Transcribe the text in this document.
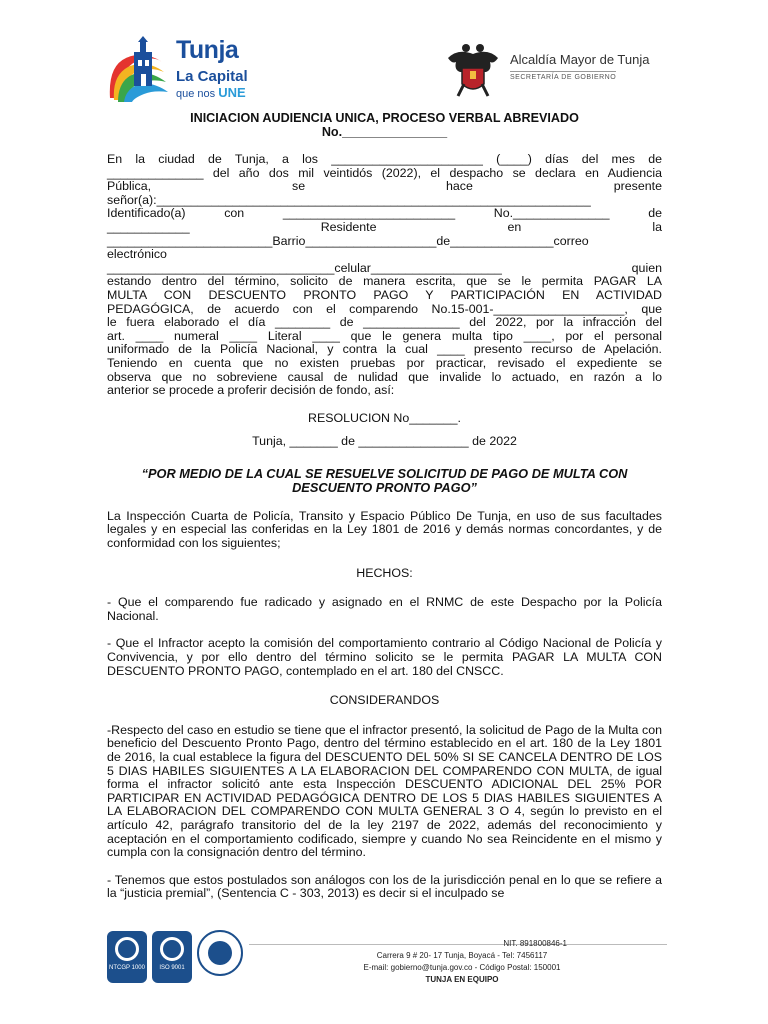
Tunja
La Capital
que nos UNE
Alcaldía Mayor de Tunja
SECRETARÍA DE GOBIERNO
INICIACION AUDIENCIA UNICA, PROCESO VERBAL ABREVIADO
No._______________

En la ciudad de Tunja, a los ______________________ (____) días del mes de

______________ del año dos mil veintidós (2022), el despacho se declara en Audiencia

Pública, se hace presente

señor(a):_______________________________________________________________

Identificado(a) con _________________________ No.______________ de

____________ Residente en la

________________________Barrio___________________de_______________correo

electrónico

_________________________________celular___________________ quien

estando dentro del término, solicito de manera escrita, que se le permita PAGAR LA

MULTA CON DESCUENTO PRONTO PAGO Y PARTICIPACIÓN EN ACTIVIDAD

PEDAGÓGICA, de acuerdo con el comparendo No.15-001-___________________, que

le fuera elaborado el día ________ de ______________ del 2022, por la infracción del

art. ____ numeral ____ Literal ____ que le genera multa tipo ____, por el personal

uniformado de la Policía Nacional, y contra la cual ____ presento recurso de Apelación.

Teniendo en cuenta que no existen pruebas por practicar, revisado el expediente se

observa que no sobreviene causal de nulidad que invalide lo actuado, en razón a lo

anterior se procede a proferir decisión de fondo, así:

RESOLUCION No_______.

Tunja, _______ de ________________ de 2022

“POR MEDIO DE LA CUAL SE RESUELVE SOLICITUD DE PAGO DE MULTA CON DESCUENTO PRONTO PAGO”

La Inspección Cuarta de Policía, Transito y Espacio Público De Tunja, en uso de sus facultades legales y en especial las conferidas en la Ley 1801 de 2016 y demás normas concordantes, y de conformidad con los siguientes;

HECHOS:

- Que el comparendo fue radicado y asignado en el RNMC de este Despacho por la Policía Nacional.

- Que el Infractor acepto la comisión del comportamiento contrario al Código Nacional de Policía y Convivencia, y por ello dentro del término solicito se le permita PAGAR LA MULTA CON DESCUENTO PRONTO PAGO, contemplado en el art. 180 del CNSCC.

CONSIDERANDOS

-Respecto del caso en estudio se tiene que el infractor presentó, la solicitud de Pago de la Multa con beneficio del Descuento Pronto Pago, dentro del término establecido en el art. 180 de la Ley 1801 de 2016, la cual establece la figura del DESCUENTO DEL 50% SI SE CANCELA DENTRO DE LOS 5 DIAS HABILES SIGUIENTES A LA ELABORACION DEL COMPARENDO CON MULTA, de igual forma el infractor solicitó ante esta Inspección DESCUENTO ADICIONAL DEL 25% POR PARTICIPAR EN ACTIVIDAD PEDAGÓGICA DENTRO DE LOS 5 DIAS HABILES SIGUIENTES A LA ELABORACION DEL COMPARENDO CON MULTA GENERAL 3 O 4, según lo previsto en el artículo 42, parágrafo transitorio del de la ley 2197 de 2022, además del reconocimiento y aceptación en el comportamiento codificado, siempre y cuando No sea Reincidente en el mismo y cumpla con la consignación dentro del término.

- Tenemos que estos postulados son análogos con los de la jurisdicción penal en lo que se refiere a la “justicia premial”, (Sentencia C - 303, 2013) es decir si el inculpado se

NTCGP 1000	ISO 9001
NIT. 891800846-1
Carrera 9 # 20- 17 Tunja, Boyacá - Tel: 7456117
E-mail: gobierno@tunja.gov.co - Código Postal: 150001
TUNJA EN EQUIPO
